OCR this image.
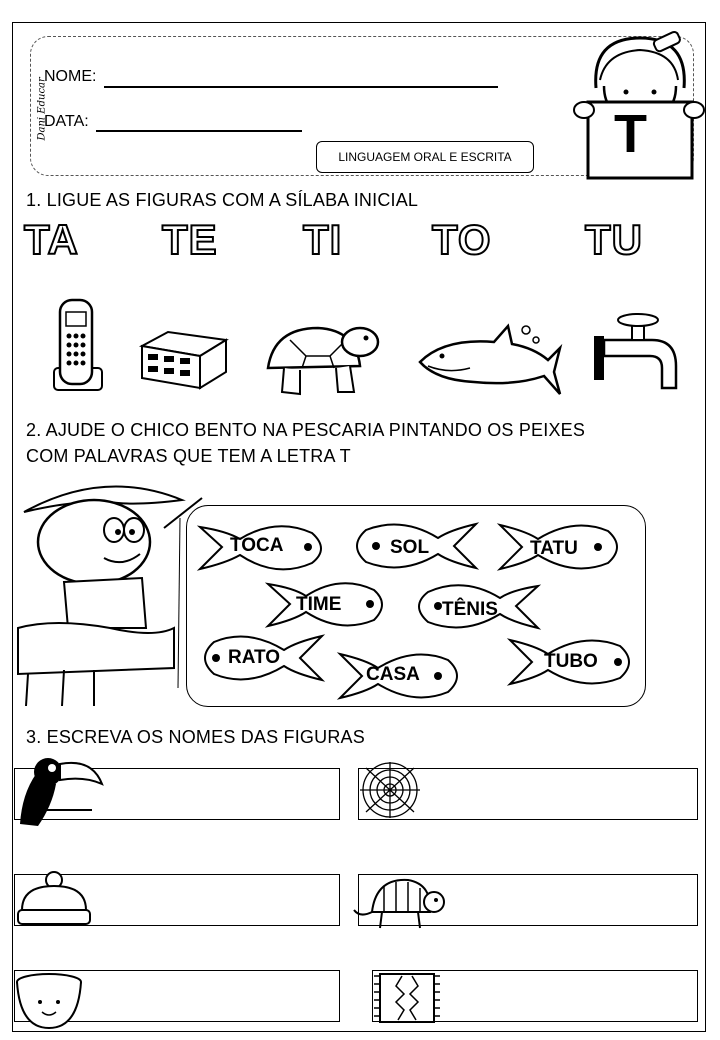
Dani Educar
NOME:
DATA:
LINGUAGEM ORAL E ESCRITA	T
1. LIGUE AS FIGURAS COM A SÍLABA INICIAL
TA TE TI TO TU
2. AJUDE O CHICO BENTO NA PESCARIA PINTANDO OS PEIXES
COM PALAVRAS QUE TEM A LETRA T
TOCA	SOL	TATU
TIME	TÊNIS
RATO
CASA
TUBO
3. ESCREVA OS NOMES DAS FIGURAS
